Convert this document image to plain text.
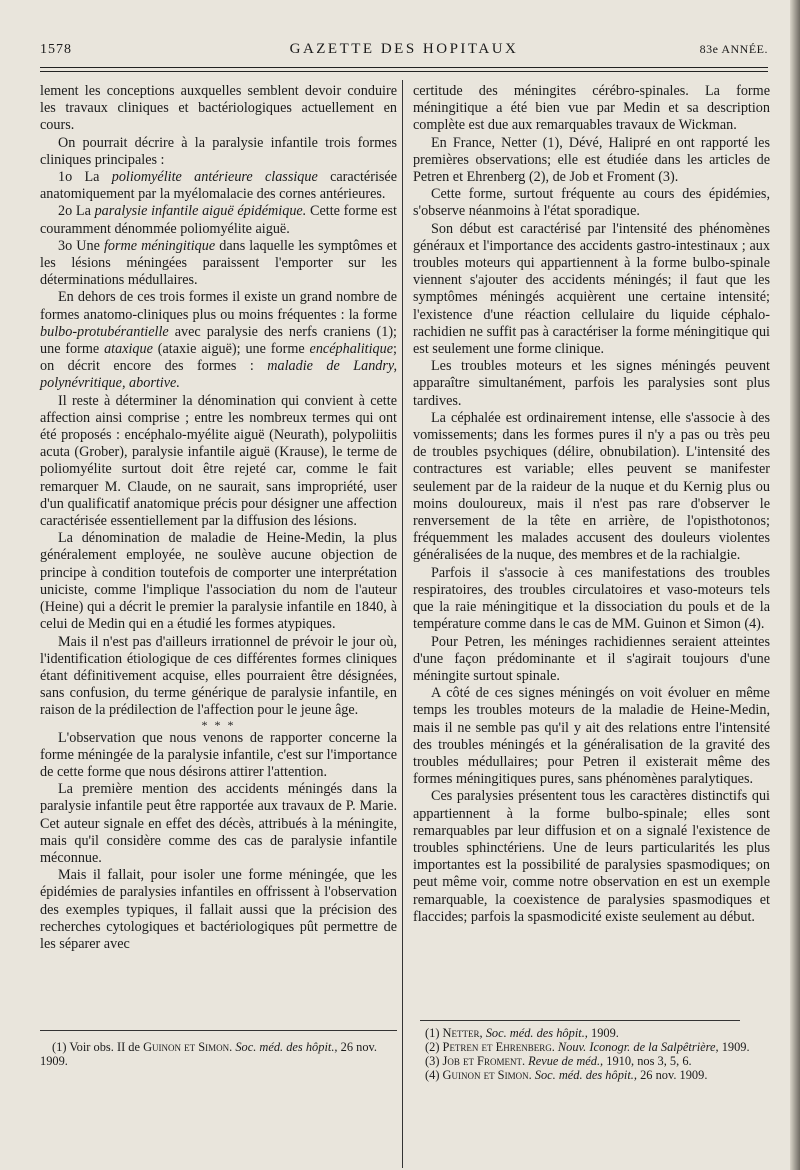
1578	GAZETTE DES HOPITAUX	83e ANNÉE.

lement les conceptions auxquelles semblent devoir conduire les travaux cliniques et bactériologiques actuellement en cours.

On pourrait décrire à la paralysie infantile trois formes cliniques principales :

1o La poliomyélite antérieure classique caractérisée anatomiquement par la myélomalacie des cornes antérieures.

2o La paralysie infantile aiguë épidémique. Cette forme est couramment dénommée poliomyélite aiguë.

3o Une forme méningitique dans laquelle les symptômes et les lésions méningées paraissent l'emporter sur les déterminations médullaires.

En dehors de ces trois formes il existe un grand nombre de formes anatomo-cliniques plus ou moins fréquentes : la forme bulbo-protubérantielle avec paralysie des nerfs craniens (1); une forme ataxique (ataxie aiguë); une forme encéphalitique; on décrit encore des formes : maladie de Landry, polynévritique, abortive.

Il reste à déterminer la dénomination qui convient à cette affection ainsi comprise ; entre les nombreux termes qui ont été proposés : encéphalo-myélite aiguë (Neurath), polypoliitis acuta (Grober), paralysie infantile aiguë (Krause), le terme de poliomyélite surtout doit être rejeté car, comme le fait remarquer M. Claude, on ne saurait, sans impropriété, user d'un qualificatif anatomique précis pour désigner une affection caractérisée essentiellement par la diffusion des lésions.

La dénomination de maladie de Heine-Medin, la plus généralement employée, ne soulève aucune objection de principe à condition toutefois de comporter une interprétation uniciste, comme l'implique l'association du nom de l'auteur (Heine) qui a décrit le premier la paralysie infantile en 1840, à celui de Medin qui en a étudié les formes atypiques.

Mais il n'est pas d'ailleurs irrationnel de prévoir le jour où, l'identification étiologique de ces différentes formes cliniques étant définitivement acquise, elles pourraient être désignées, sans confusion, du terme générique de paralysie infantile, en raison de la prédilection de l'affection pour le jeune âge.

* * *

L'observation que nous venons de rapporter concerne la forme méningée de la paralysie infantile, c'est sur l'importance de cette forme que nous désirons attirer l'attention.

La première mention des accidents méningés dans la paralysie infantile peut être rapportée aux travaux de P. Marie. Cet auteur signale en effet des décès, attribués à la méningite, mais qu'il considère comme des cas de paralysie infantile méconnue.

Mais il fallait, pour isoler une forme méningée, que les épidémies de paralysies infantiles en offrissent à l'observation des exemples typiques, il fallait aussi que la précision des recherches cytologiques et bactériologiques pût permettre de les séparer avec

(1) Voir obs. II de Guinon et Simon. Soc. méd. des hôpit., 26 nov. 1909.

certitude des méningites cérébro-spinales. La forme méningitique a été bien vue par Medin et sa description complète est due aux remarquables travaux de Wickman.

En France, Netter (1), Dévé, Halipré en ont rapporté les premières observations; elle est étudiée dans les articles de Petren et Ehrenberg (2), de Job et Froment (3).

Cette forme, surtout fréquente au cours des épidémies, s'observe néanmoins à l'état sporadique.

Son début est caractérisé par l'intensité des phénomènes généraux et l'importance des accidents gastro-intestinaux ; aux troubles moteurs qui appartiennent à la forme bulbo-spinale viennent s'ajouter des accidents méningés; il faut que les symptômes méningés acquièrent une certaine intensité; l'existence d'une réaction cellulaire du liquide céphalo-rachidien ne suffit pas à caractériser la forme méningitique qui est seulement une forme clinique.

Les troubles moteurs et les signes méningés peuvent apparaître simultanément, parfois les paralysies sont plus tardives.

La céphalée est ordinairement intense, elle s'associe à des vomissements; dans les formes pures il n'y a pas ou très peu de troubles psychiques (délire, obnubilation). L'intensité des contractures est variable; elles peuvent se manifester seulement par de la raideur de la nuque et du Kernig plus ou moins douloureux, mais il n'est pas rare d'observer le renversement de la tête en arrière, de l'opisthotonos; fréquemment les malades accusent des douleurs violentes généralisées de la nuque, des membres et de la rachialgie.

Parfois il s'associe à ces manifestations des troubles respiratoires, des troubles circulatoires et vaso-moteurs tels que la raie méningitique et la dissociation du pouls et de la température comme dans le cas de MM. Guinon et Simon (4).

Pour Petren, les méninges rachidiennes seraient atteintes d'une façon prédominante et il s'agirait toujours d'une méningite surtout spinale.

A côté de ces signes méningés on voit évoluer en même temps les troubles moteurs de la maladie de Heine-Medin, mais il ne semble pas qu'il y ait des relations entre l'intensité des troubles méningés et la généralisation de la gravité des troubles médullaires; pour Petren il existerait même des formes méningitiques pures, sans phénomènes paralytiques.

Ces paralysies présentent tous les caractères distinctifs qui appartiennent à la forme bulbo-spinale; elles sont remarquables par leur diffusion et on a signalé l'existence de troubles sphinctériens. Une de leurs particularités les plus importantes est la possibilité de paralysies spasmodiques; on peut même voir, comme notre observation en est un exemple remarquable, la coexistence de paralysies spasmodiques et flaccides; parfois la spasmodicité existe seulement au début.

(1) Netter, Soc. méd. des hôpit., 1909.

(2) Petren et Ehrenberg. Nouv. Iconogr. de la Salpêtrière, 1909.

(3) Job et Froment. Revue de méd., 1910, nos 3, 5, 6.

(4) Guinon et Simon. Soc. méd. des hôpit., 26 nov. 1909.
